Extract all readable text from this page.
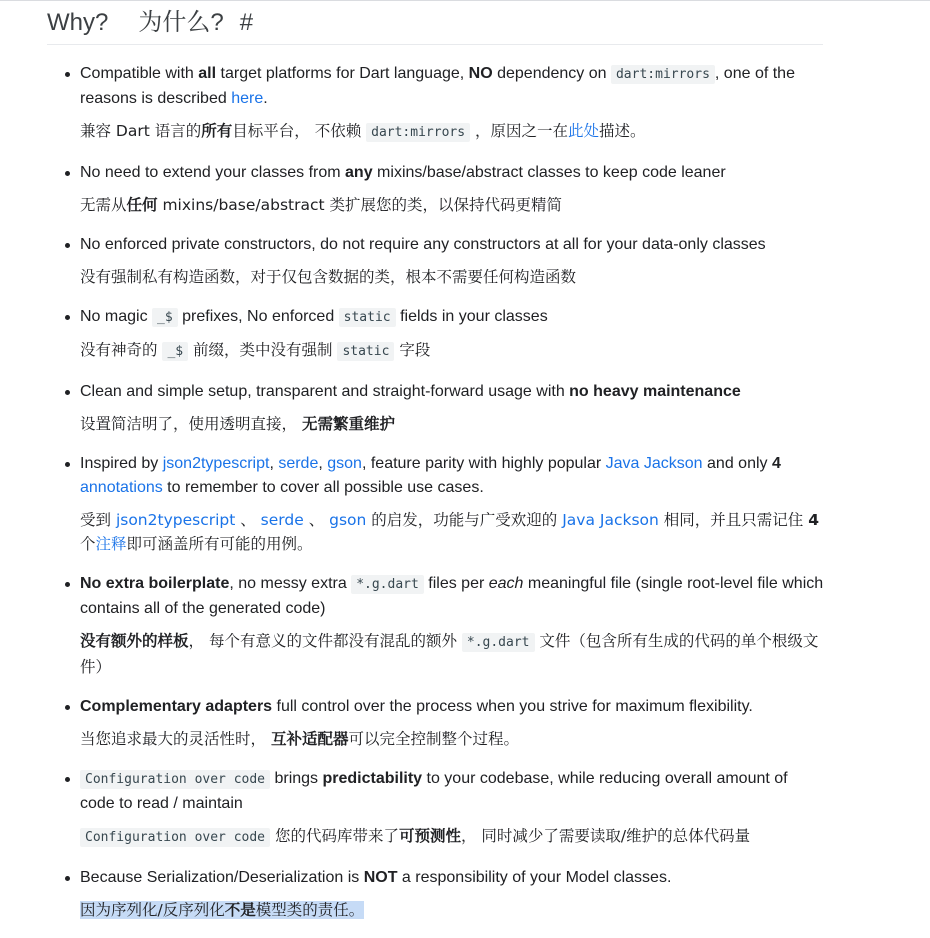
Why? 为什么? #
Compatible with all target platforms for Dart language, NO dependency on dart:mirrors , one of the reasons is described here.
兼容 Dart 语言的所有目标平台， 不依赖 dart:mirrors ，原因之一在此处描述。
No need to extend your classes from any mixins/base/abstract classes to keep code leaner
无需从任何 mixins/base/abstract 类扩展您的类，以保持代码更精简
No enforced private constructors, do not require any constructors at all for your data-only classes
没有强制私有构造函数，对于仅包含数据的类，根本不需要任何构造函数
No magic _$ prefixes, No enforced static fields in your classes
没有神奇的 _$ 前缀，类中没有强制 static 字段
Clean and simple setup, transparent and straight-forward usage with no heavy maintenance
设置简洁明了，使用透明直接， 无需繁重维护
Inspired by json2typescript, serde, gson, feature parity with highly popular Java Jackson and only 4 annotations to remember to cover all possible use cases.
受到 json2typescript 、 serde 、 gson 的启发，功能与广受欢迎的 Java Jackson 相同，并且只需记住 4 个注释即可涵盖所有可能的用例。
No extra boilerplate, no messy extra *.g.dart files per each meaningful file (single root-level file which contains all of the generated code)
没有额外的样板， 每个有意义的文件都没有混乱的额外 *.g.dart 文件（包含所有生成的代码的单个根级文件）
Complementary adapters full control over the process when you strive for maximum flexibility.
当您追求最大的灵活性时， 互补适配器可以完全控制整个过程。
Configuration over code brings predictability to your codebase, while reducing overall amount of code to read / maintain
Configuration over code 您的代码库带来了可预测性， 同时减少了需要读取/维护的总体代码量
Because Serialization/Deserialization is NOT a responsibility of your Model classes.
因为序列化/反序列化不是模型类的责任。
